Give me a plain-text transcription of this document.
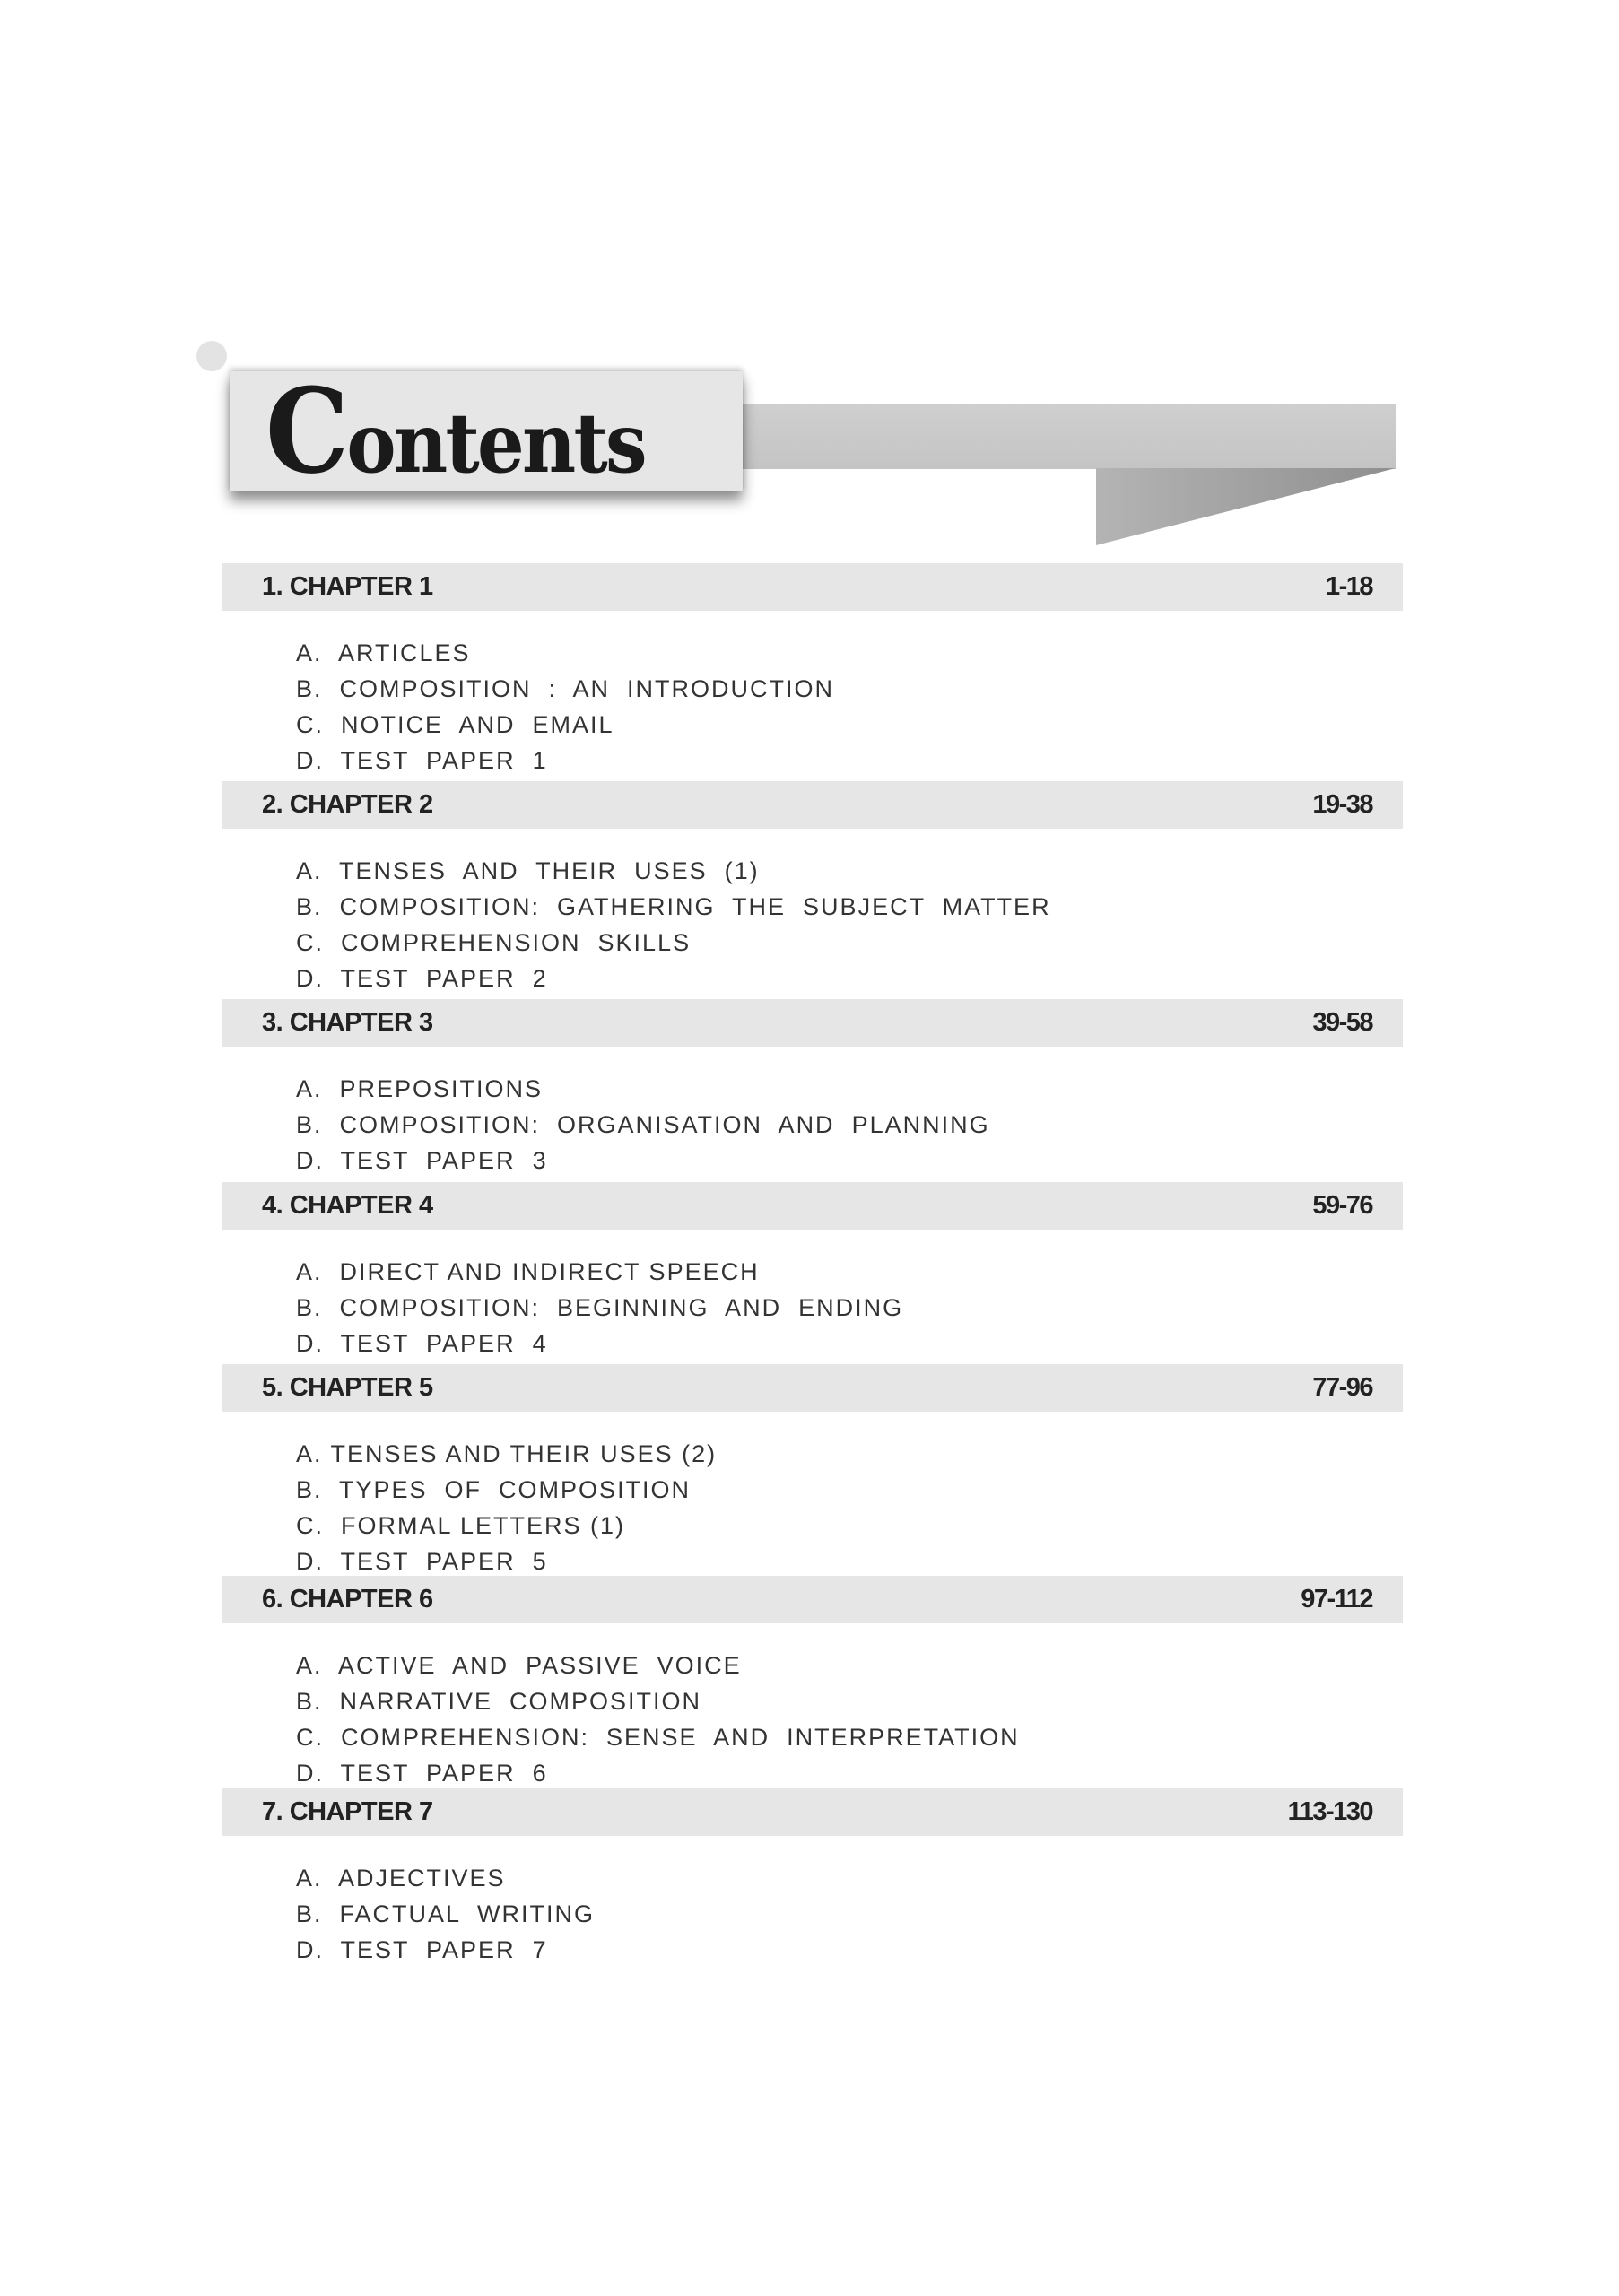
Contents
1. CHAPTER 1	1-18
A.  ARTICLES
B.  COMPOSITION  :  AN  INTRODUCTION
C.  NOTICE  AND  EMAIL
D.  TEST  PAPER  1
2. CHAPTER 2	19-38
A.  TENSES  AND  THEIR  USES  (1)
B.  COMPOSITION:  GATHERING  THE  SUBJECT  MATTER
C.  COMPREHENSION  SKILLS
D.  TEST  PAPER  2
3. CHAPTER 3	39-58
A.  PREPOSITIONS
B.  COMPOSITION:  ORGANISATION  AND  PLANNING
D.  TEST  PAPER  3
4. CHAPTER 4	59-76
A.  DIRECT AND INDIRECT SPEECH
B.  COMPOSITION:  BEGINNING  AND  ENDING
D.  TEST  PAPER  4
5. CHAPTER 5	77-96
A. TENSES AND THEIR USES (2)
B.  TYPES  OF  COMPOSITION
C.  FORMAL LETTERS (1)
D.  TEST  PAPER  5
6. CHAPTER 6	97-112
A.  ACTIVE  AND  PASSIVE  VOICE
B.  NARRATIVE  COMPOSITION
C.  COMPREHENSION:  SENSE  AND  INTERPRETATION
D.  TEST  PAPER  6
7. CHAPTER 7	113-130
A.  ADJECTIVES
B.  FACTUAL  WRITING
D.  TEST  PAPER  7
